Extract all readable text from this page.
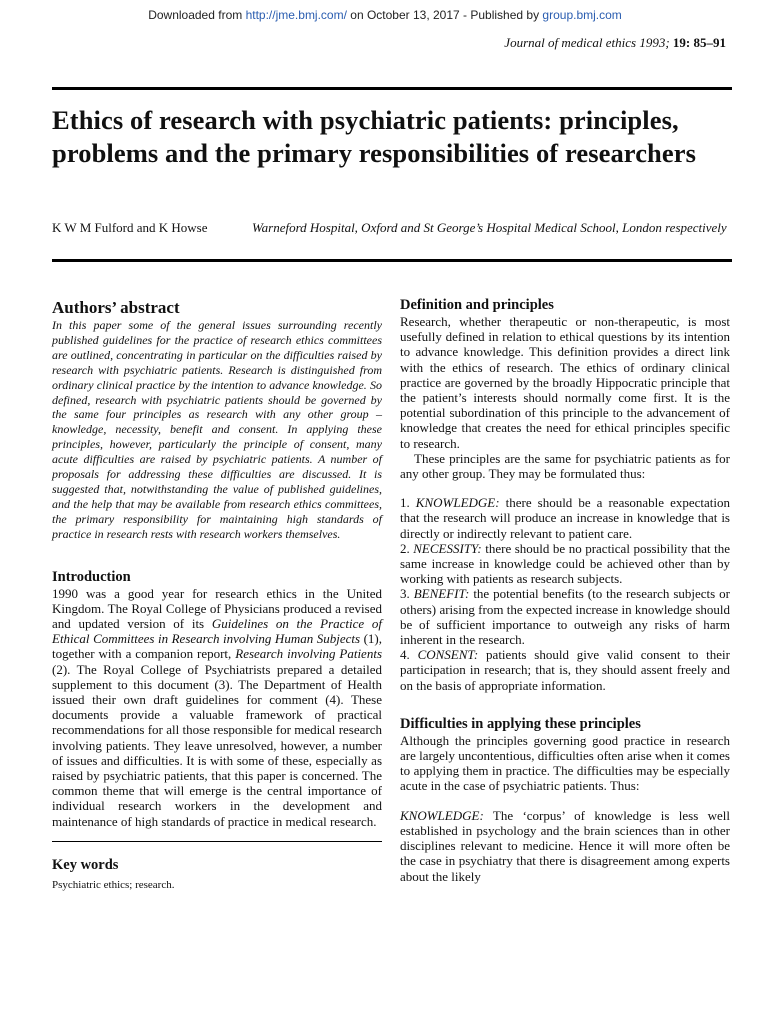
Downloaded from http://jme.bmj.com/ on October 13, 2017 - Published by group.bmj.com
Journal of medical ethics 1993; 19: 85–91
Ethics of research with psychiatric patients: principles, problems and the primary responsibilities of researchers
K W M Fulford and K Howse	Warneford Hospital, Oxford and St George’s Hospital Medical School, London respectively
Authors’ abstract

In this paper some of the general issues surrounding recently published guidelines for the practice of research ethics committees are outlined, concentrating in particular on the difficulties raised by research with psychiatric patients. Research is distinguished from ordinary clinical practice by the intention to advance knowledge. So defined, research with psychiatric patients should be governed by the same four principles as research with any other group – knowledge, necessity, benefit and consent. In applying these principles, however, particularly the principle of consent, many acute difficulties are raised by psychiatric patients. A number of proposals for addressing these difficulties are discussed. It is suggested that, notwithstanding the value of published guidelines, and the help that may be available from research ethics committees, the primary responsibility for maintaining high standards of practice in research rests with research workers themselves.

Introduction

1990 was a good year for research ethics in the United Kingdom. The Royal College of Physicians produced a revised and updated version of its Guidelines on the Practice of Ethical Committees in Research involving Human Subjects (1), together with a companion report, Research involving Patients (2). The Royal College of Psychiatrists prepared a detailed supplement to this document (3). The Department of Health issued their own draft guidelines for comment (4). These documents provide a valuable framework of practical recommendations for all those responsible for medical research involving patients. They leave unresolved, however, a number of issues and difficulties. It is with some of these, especially as raised by psychiatric patients, that this paper is concerned. The common theme that will emerge is the central importance of individual research workers in the development and maintenance of high standards of practice in medical research.

Key words
Psychiatric ethics; research.
Definition and principles

Research, whether therapeutic or non-therapeutic, is most usefully defined in relation to ethical questions by its intention to advance knowledge. This definition provides a direct link with the ethics of research. The ethics of ordinary clinical practice are governed by the broadly Hippocratic principle that the patient’s interests should normally come first. It is the potential subordination of this principle to the advancement of knowledge that creates the need for ethical principles specific to research.

These principles are the same for psychiatric patients as for any other group. They may be formulated thus:

1. KNOWLEDGE: there should be a reasonable expectation that the research will produce an increase in knowledge that is directly or indirectly relevant to patient care.

2. NECESSITY: there should be no practical possibility that the same increase in knowledge could be achieved other than by working with patients as research subjects.

3. BENEFIT: the potential benefits (to the research subjects or others) arising from the expected increase in knowledge should be of sufficient importance to outweigh any risks of harm inherent in the research.

4. CONSENT: patients should give valid consent to their participation in research; that is, they should assent freely and on the basis of appropriate information.

Difficulties in applying these principles

Although the principles governing good practice in research are largely uncontentious, difficulties often arise when it comes to applying them in practice. The difficulties may be especially acute in the case of psychiatric patients. Thus:

KNOWLEDGE: The ‘corpus’ of knowledge is less well established in psychology and the brain sciences than in other disciplines relevant to medicine. Hence it will more often be the case in psychiatry that there is disagreement among experts about the likely
